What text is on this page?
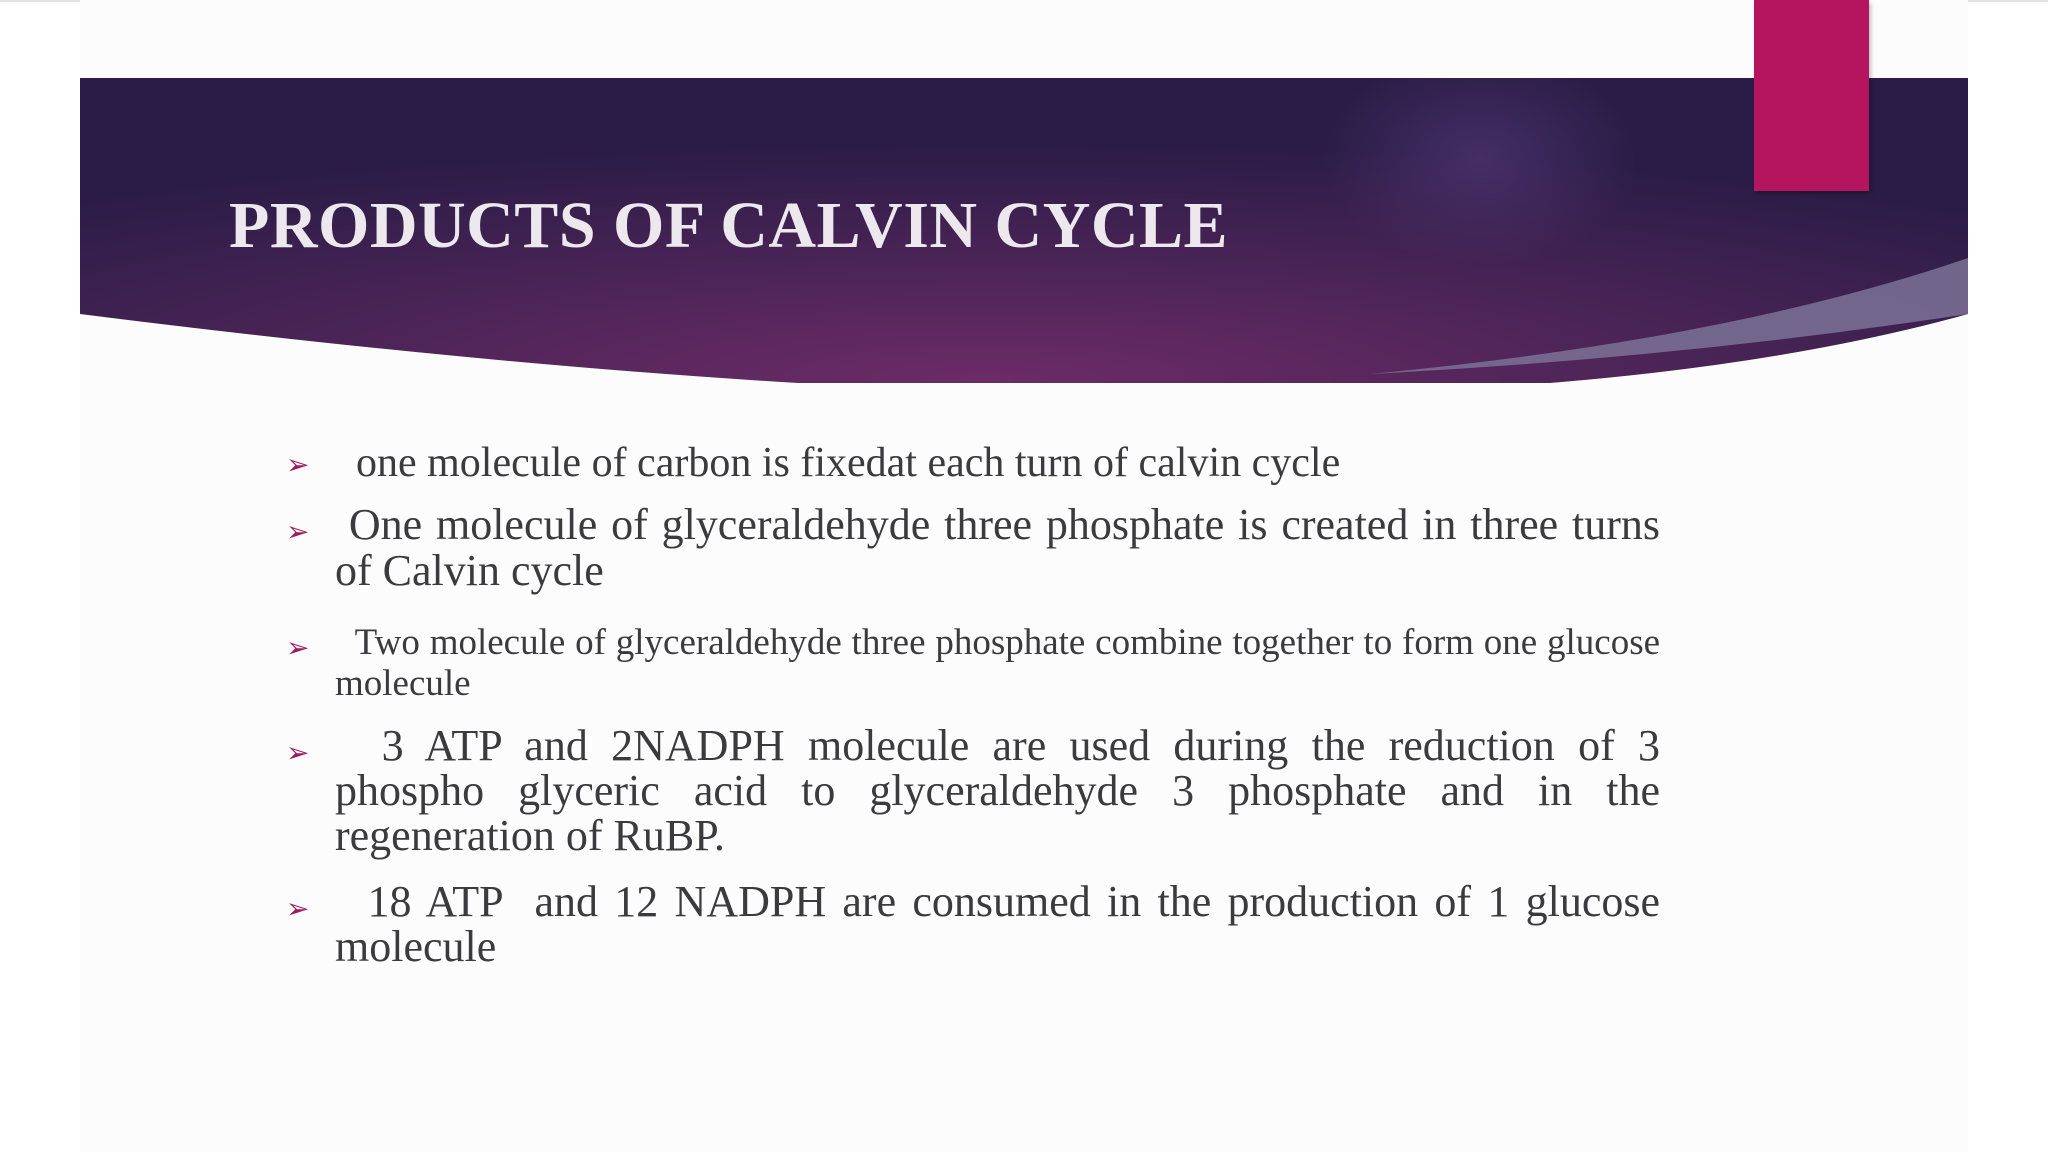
PRODUCTS OF CALVIN CYCLE
➢ one molecule of carbon is fixedat each turn of calvin cycle
➢ One molecule of glyceraldehyde three phosphate is created in three turns of Calvin cycle
➢ Two molecule of glyceraldehyde three phosphate combine together to form one glucose molecule
➢ 3 ATP and 2NADPH molecule are used during the reduction of 3 phospho glyceric acid to glyceraldehyde 3 phosphate and in the regeneration of RuBP.
➢ 18 ATP  and 12 NADPH are consumed in the production of 1 glucose molecule
